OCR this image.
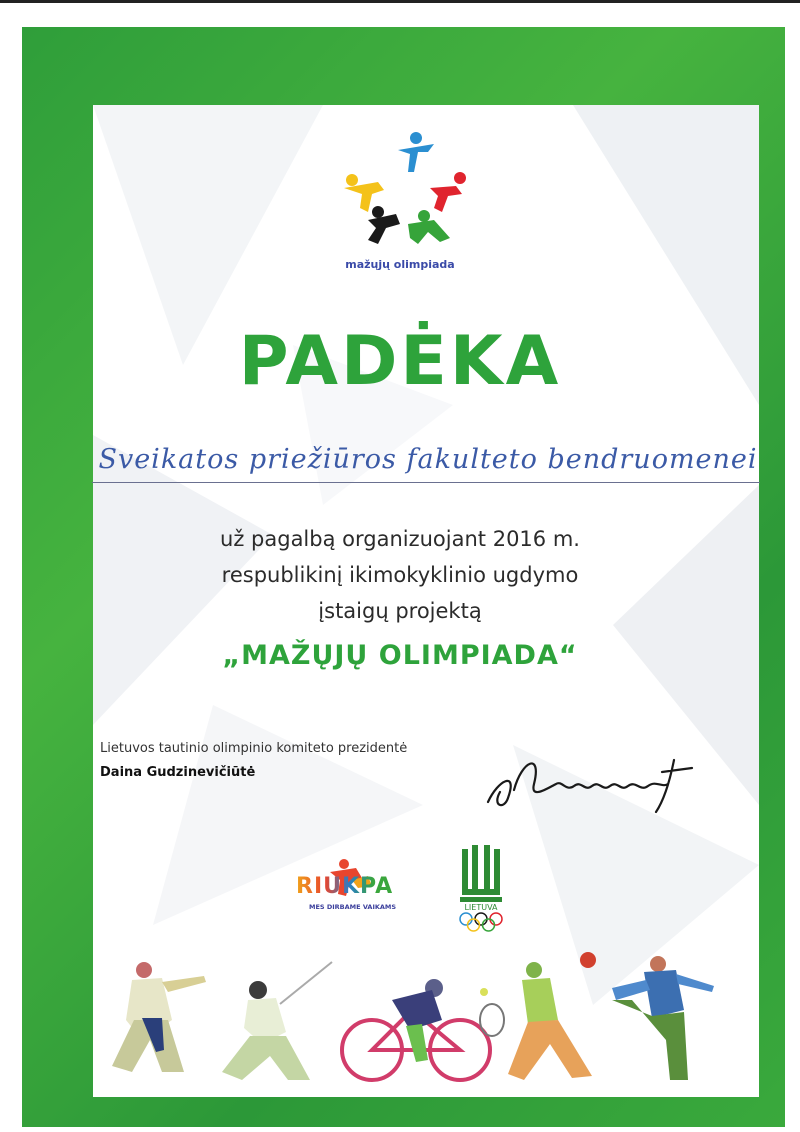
mažųjų olimpiada
PADĖKA
Sveikatos priežiūros fakulteto bendruomenei
už pagalbą organizuojant 2016 m.
respublikinį ikimokyklinio ugdymo
įstaigų projektą
„MAŽŲJŲ OLIMPIADA“
Lietuvos tautinio olimpinio komiteto prezidentė
Daina Gudzinevičiūtė
RIUKPA
MES DIRBAME VAIKAMS	LIETUVA
